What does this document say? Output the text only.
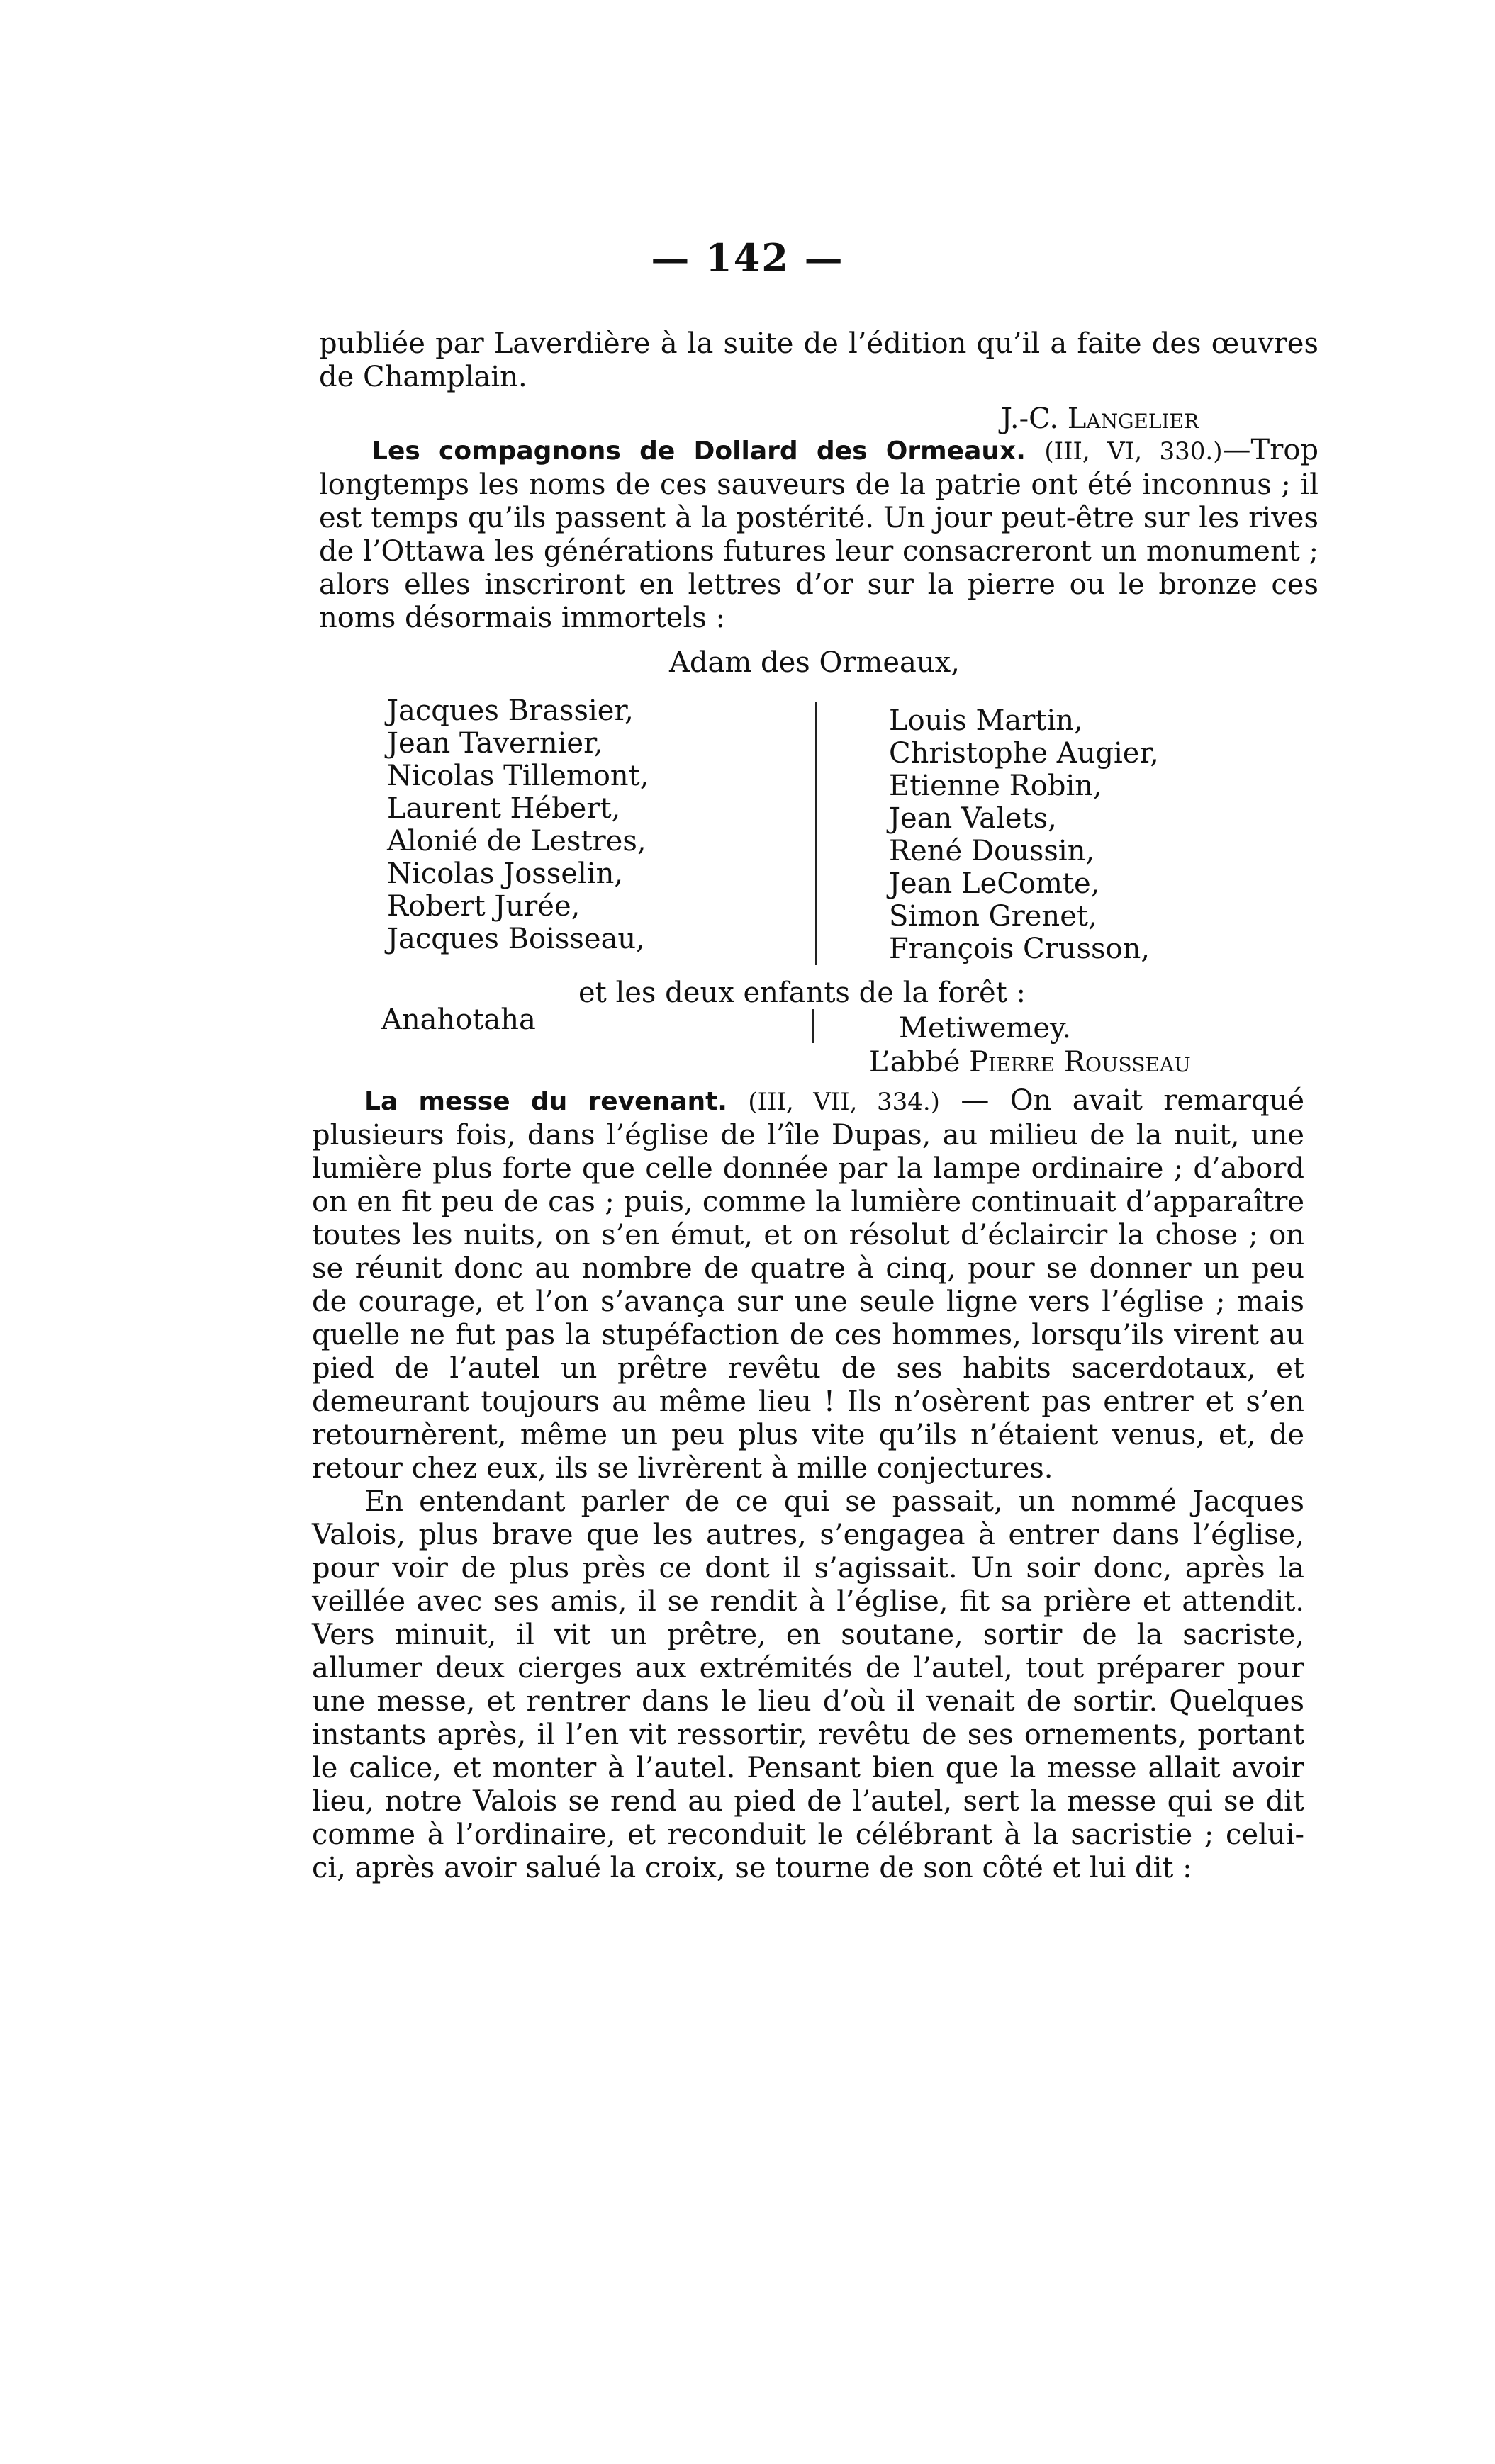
— 142 —

publiée par Laverdière à la suite de l’édition qu’il a faite des œuvres de Champlain.

J.-C. Langelier

Les compagnons de Dollard des Ormeaux. (III, VI, 330.)—Trop longtemps les noms de ces sauveurs de la patrie ont été inconnus ; il est temps qu’ils passent à la postérité. Un jour peut-être sur les rives de l’Ottawa les générations futures leur consacreront un monument ; alors elles inscriront en lettres d’or sur la pierre ou le bronze ces noms désormais immortels :

Adam des Ormeaux,
Jacques Brassier,
Jean Tavernier,
Nicolas Tillemont,
Laurent Hébert,
Alonié de Lestres,
Nicolas Josselin,
Robert Jurée,
Jacques Boisseau,
Louis Martin,
Christophe Augier,
Etienne Robin,
Jean Valets,
René Doussin,
Jean LeComte,
Simon Grenet,
François Crusson,
et les deux enfants de la forêt :
Anahotaha	Metiwemey.
L’abbé Pierre Rousseau

La messe du revenant. (III, VII, 334.) — On avait remarqué plusieurs fois, dans l’église de l’île Dupas, au milieu de la nuit, une lumière plus forte que celle donnée par la lampe ordinaire ; d’abord on en fit peu de cas ; puis, comme la lumière continuait d’apparaître toutes les nuits, on s’en émut, et on résolut d’éclaircir la chose ; on se réunit donc au nombre de quatre à cinq, pour se donner un peu de courage, et l’on s’avança sur une seule ligne vers l’église ; mais quelle ne fut pas la stupéfaction de ces hommes, lorsqu’ils virent au pied de l’autel un prêtre revêtu de ses habits sacerdotaux, et demeurant toujours au même lieu ! Ils n’osèrent pas entrer et s’en retournèrent, même un peu plus vite qu’ils n’étaient venus, et, de retour chez eux, ils se livrèrent à mille conjectures.

En entendant parler de ce qui se passait, un nommé Jacques Valois, plus brave que les autres, s’engagea à entrer dans l’église, pour voir de plus près ce dont il s’agissait. Un soir donc, après la veillée avec ses amis, il se rendit à l’église, fit sa prière et attendit. Vers minuit, il vit un prêtre, en soutane, sortir de la sacriste, allumer deux cierges aux extrémités de l’autel, tout préparer pour une messe, et rentrer dans le lieu d’où il venait de sortir. Quelques instants après, il l’en vit ressortir, revêtu de ses ornements, portant le calice, et monter à l’autel. Pensant bien que la messe allait avoir lieu, notre Valois se rend au pied de l’autel, sert la messe qui se dit comme à l’ordinaire, et reconduit le célébrant à la sacristie ; celui-ci, après avoir salué la croix, se tourne de son côté et lui dit :
